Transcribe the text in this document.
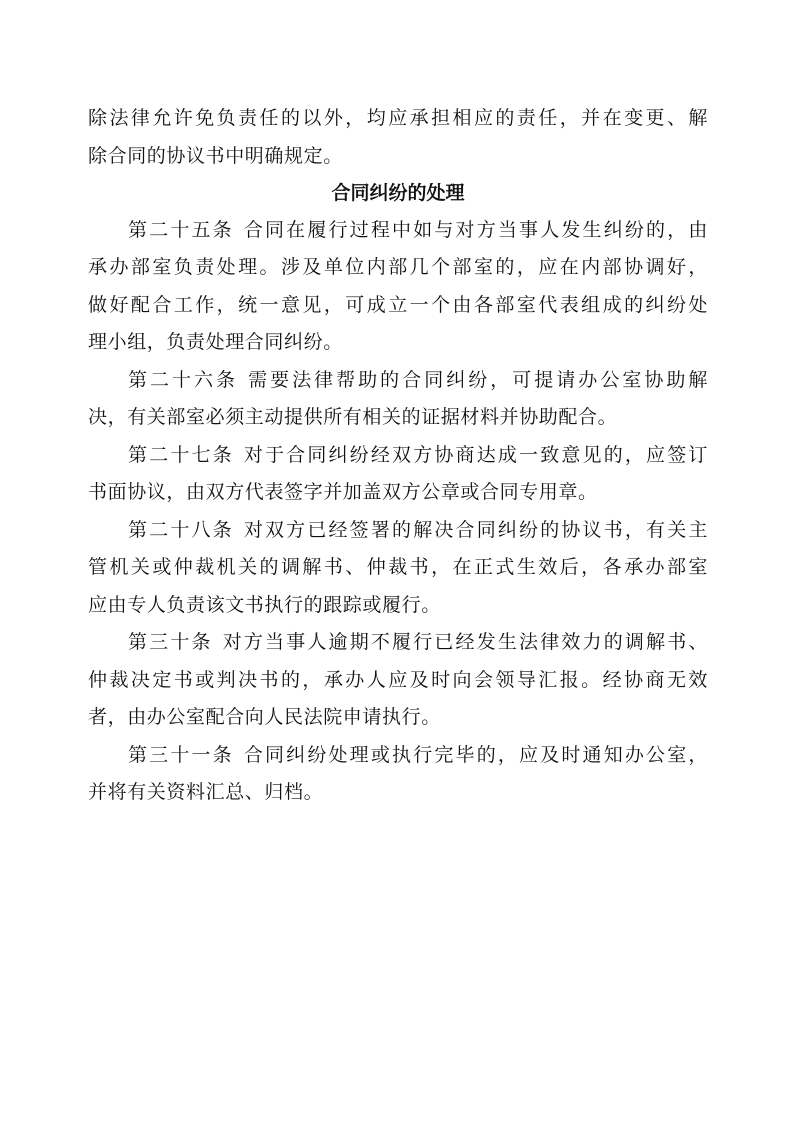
除法律允许免负责任的以外，均应承担相应的责任，并在变更、解
除合同的协议书中明确规定。
合同纠纷的处理
第二十五条 合同在履行过程中如与对方当事人发生纠纷的，由
承办部室负责处理。涉及单位内部几个部室的，应在内部协调好，
做好配合工作，统一意见，可成立一个由各部室代表组成的纠纷处
理小组，负责处理合同纠纷。
第二十六条 需要法律帮助的合同纠纷，可提请办公室协助解
决，有关部室必须主动提供所有相关的证据材料并协助配合。
第二十七条 对于合同纠纷经双方协商达成一致意见的，应签订
书面协议，由双方代表签字并加盖双方公章或合同专用章。
第二十八条 对双方已经签署的解决合同纠纷的协议书，有关主
管机关或仲裁机关的调解书、仲裁书，在正式生效后，各承办部室
应由专人负责该文书执行的跟踪或履行。
第三十条 对方当事人逾期不履行已经发生法律效力的调解书、
仲裁决定书或判决书的，承办人应及时向会领导汇报。经协商无效
者，由办公室配合向人民法院申请执行。
第三十一条 合同纠纷处理或执行完毕的，应及时通知办公室，
并将有关资料汇总、归档。
